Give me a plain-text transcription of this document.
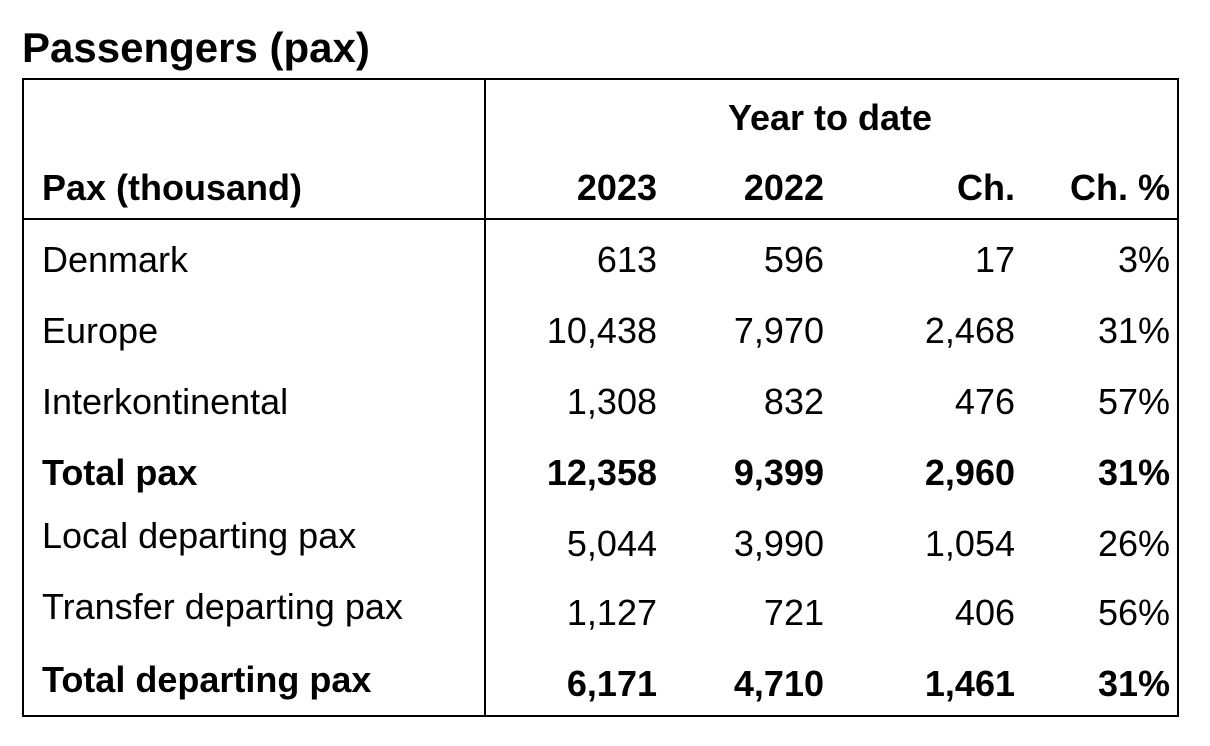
Passengers (pax)
Year to date
Pax (thousand)	2023	2022	Ch.	Ch. %
Denmark	613	596	17	3%
Europe	10,438	7,970	2,468	31%
Interkontinental	1,308	832	476	57%
Total pax	12,358	9,399	2,960	31%
Local departing pax	5,044	3,990	1,054	26%
Transfer departing pax	1,127	721	406	56%
Total departing pax	6,171	4,710	1,461	31%
